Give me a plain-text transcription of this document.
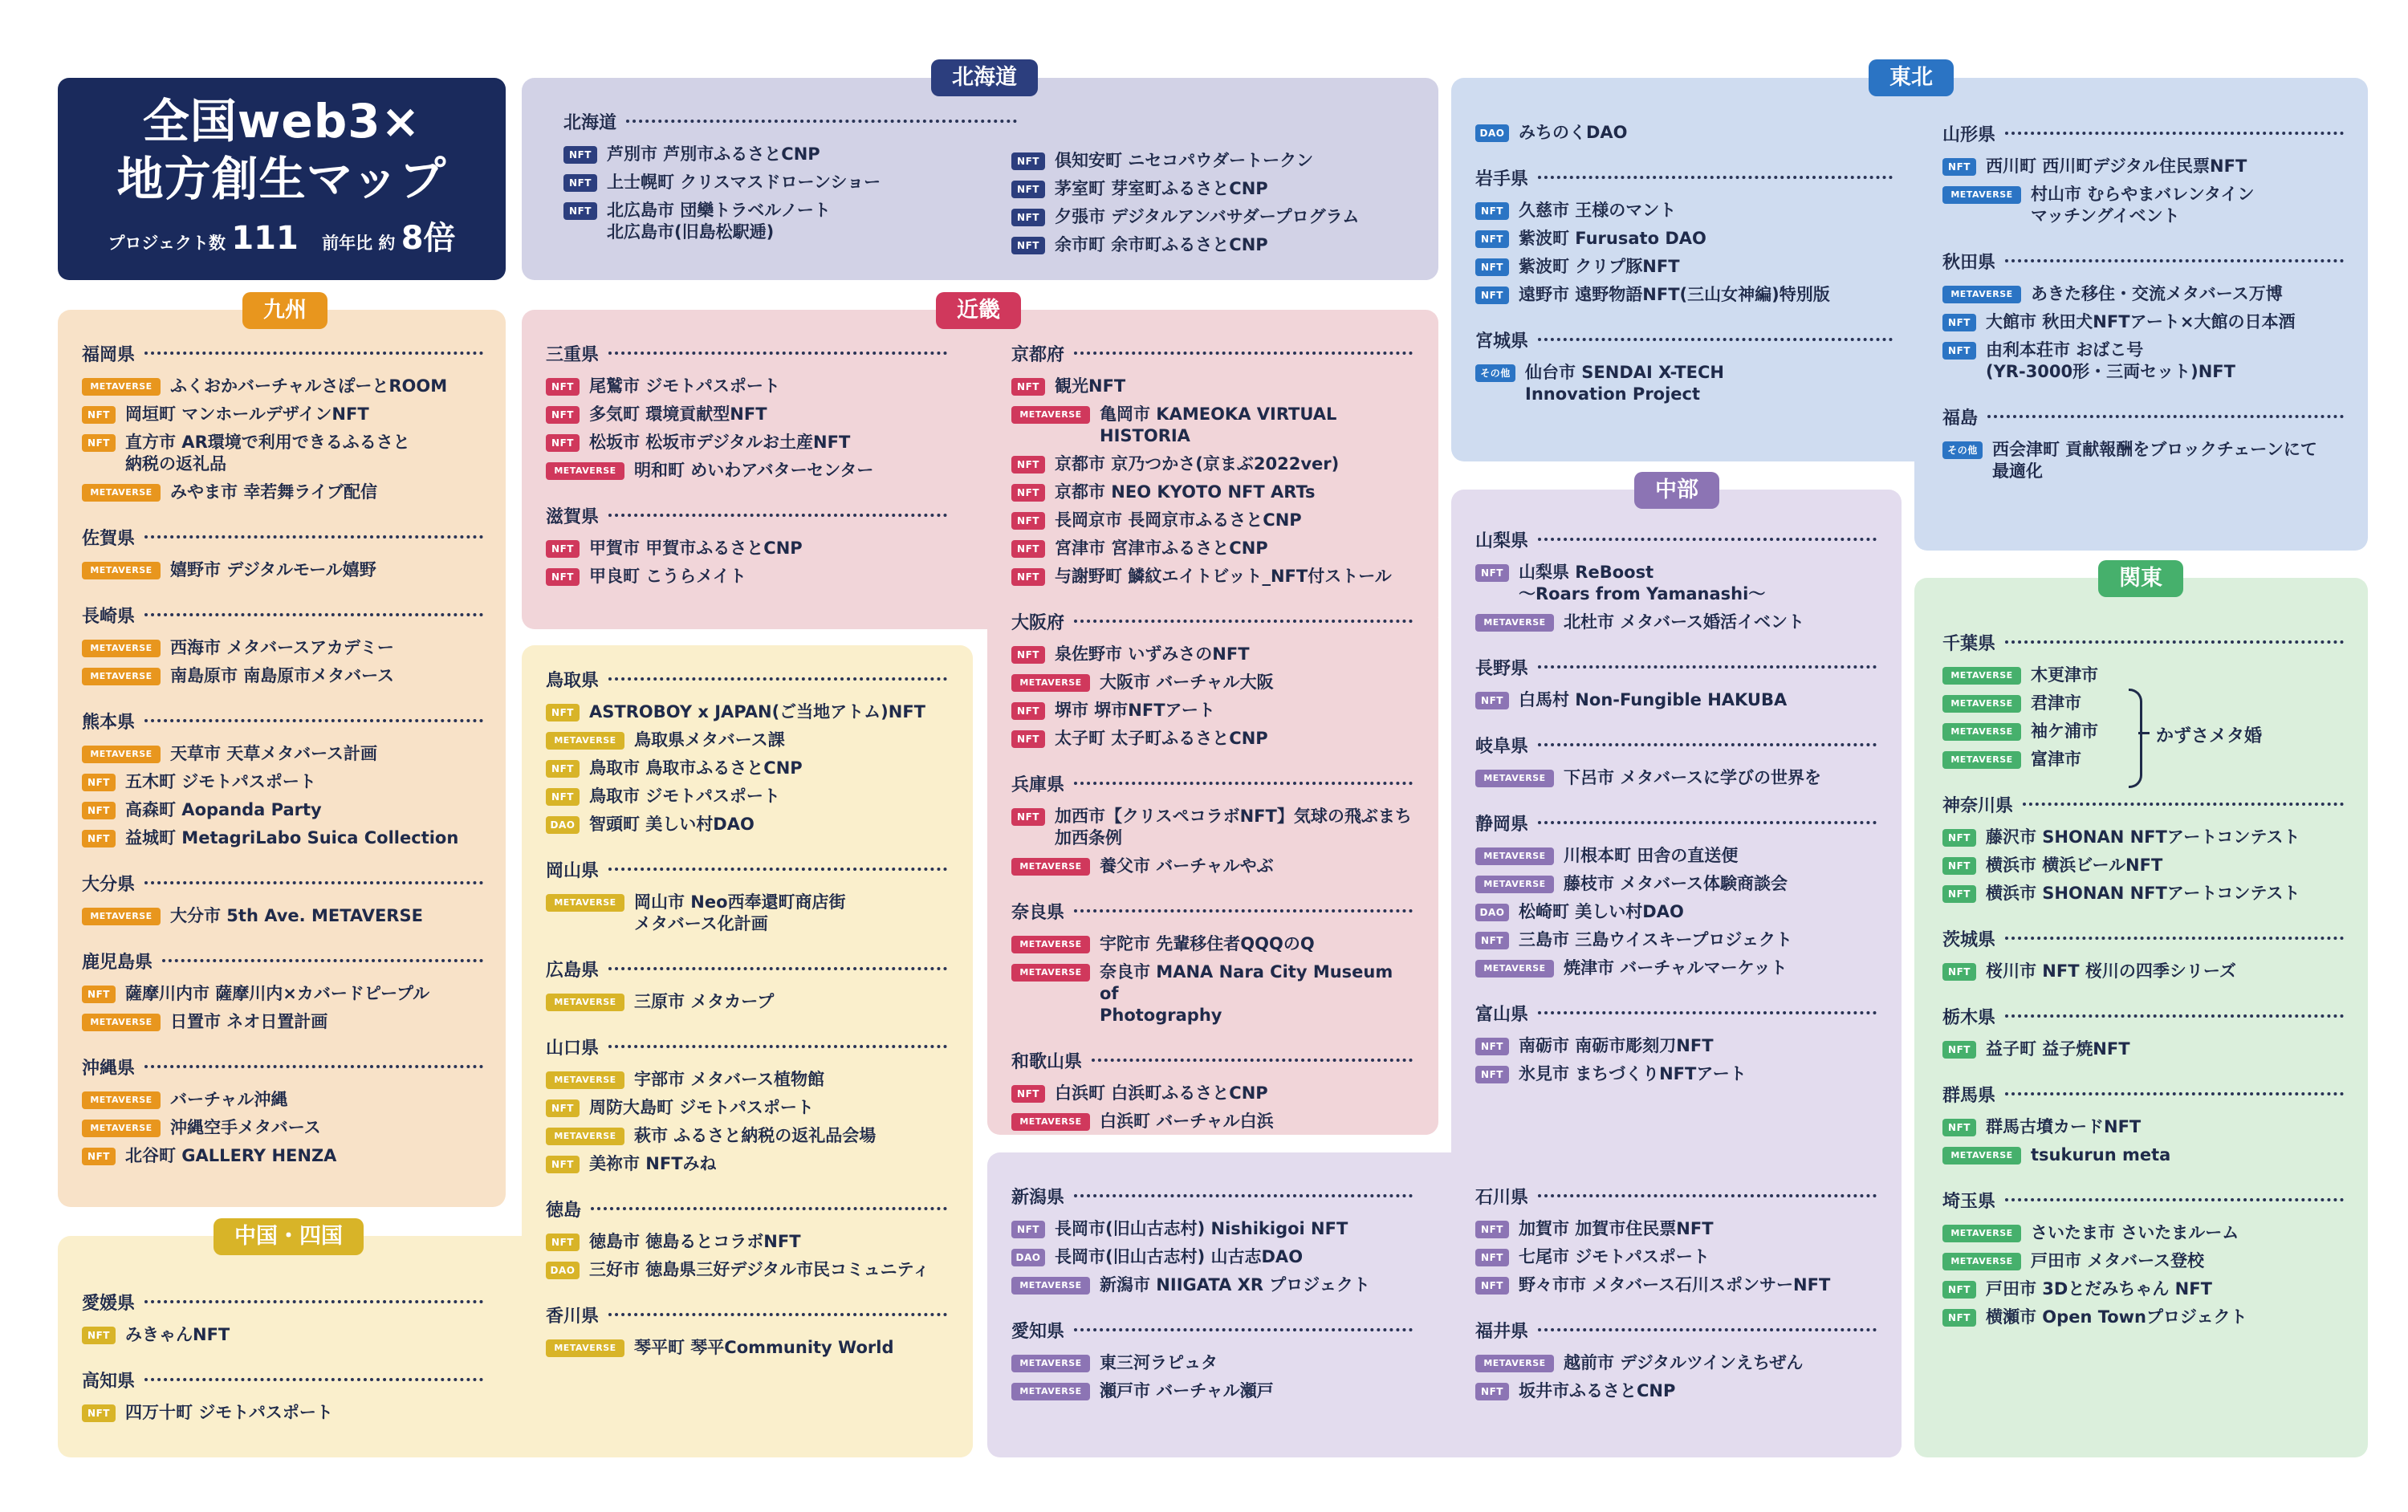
全国web3×
地方創生マップ
プロジェクト数 111 前年比 約 8倍
北海道	東北
九州	近畿
中国・四国
中部
関東
北海道
NFT 芦別市 芦別市ふるさとCNP
NFT 上士幌町 クリスマスドローンショー
NFT 北広島市 団欒トラベルノート
北広島市(旧島松駅逓)
NFT 倶知安町 ニセコパウダートークン
NFT 茅室町 芽室町ふるさとCNP
NFT 夕張市 デジタルアンバサダープログラム
NFT 余市町 余市町ふるさとCNP
DAO みちのくDAO
岩手県
NFT 久慈市 王様のマント
NFT 紫波町 Furusato DAO
NFT 紫波町 クリプ豚NFT
NFT 遠野市 遠野物語NFT(三山女神編)特別版
宮城県
その他 仙台市 SENDAI X-TECH
Innovation Project
山形県
NFT 西川町 西川町デジタル住民票NFT
METAVERSE	村山市 むらやまバレンタイン
マッチングイベント
秋田県
METAVERSE	あきた移住・交流メタバース万博
NFT 大館市 秋田犬NFTアート×大館の日本酒
NFT 由利本荘市 おばこ号
(YR-3000形・三両セット)NFT
福島
その他 西会津町 貢献報酬をブロックチェーンにて
最適化
福岡県
METAVERSE	ふくおかバーチャルさぽーとROOM
NFT 岡垣町 マンホールデザインNFT
NFT 直方市 AR環境で利用できるふるさと
納税の返礼品
METAVERSE	みやま市 幸若舞ライブ配信
佐賀県
METAVERSE	嬉野市 デジタルモール嬉野
長崎県
METAVERSE	西海市 メタバースアカデミー
METAVERSE	南島原市 南島原市メタバース
熊本県
METAVERSE	天草市 天草メタバース計画
NFT 五木町 ジモトパスポート
NFT 高森町 Aopanda Party
NFT 益城町 MetagriLabo Suica Collection
大分県
METAVERSE	大分市 5th Ave. METAVERSE
鹿児島県
NFT 薩摩川内市 薩摩川内×カバードピープル
METAVERSE	日置市 ネオ日置計画
沖縄県
METAVERSE	バーチャル沖縄
METAVERSE	沖縄空手メタバース
NFT 北谷町 GALLERY HENZA
三重県
NFT 尾鷲市 ジモトパスポート
NFT 多気町 環境貢献型NFT
NFT 松坂市 松坂市デジタルお土産NFT
METAVERSE	明和町 めいわアバターセンター
滋賀県
NFT 甲賀市 甲賀市ふるさとCNP
NFT 甲良町 こうらメイト
京都府
NFT 観光NFT
METAVERSE	亀岡市 KAMEOKA VIRTUAL HISTORIA
NFT 京都市 京乃つかさ(京まぶ2022ver)
NFT 京都市 NEO KYOTO NFT ARTs
NFT 長岡京市 長岡京市ふるさとCNP
NFT 宮津市 宮津市ふるさとCNP
NFT 与謝野町 鱗紋エイトビット_NFT付ストール
大阪府
NFT 泉佐野市 いずみさのNFT
METAVERSE	大阪市 バーチャル大阪
NFT 堺市 堺市NFTアート
NFT 太子町 太子町ふるさとCNP
兵庫県
NFT 加西市【クリスペコラボNFT】気球の飛ぶまち
加西条例
METAVERSE	養父市 バーチャルやぶ
奈良県
METAVERSE	宇陀市 先輩移住者QQQのQ
METAVERSE	奈良市 MANA Nara City Museum of
Photography
和歌山県
NFT 白浜町 白浜町ふるさとCNP
METAVERSE	白浜町 バーチャル白浜
鳥取県
NFT ASTROBOY x JAPAN(ご当地アトム)NFT
METAVERSE	鳥取県メタバース課
NFT 鳥取市 鳥取市ふるさとCNP
NFT 鳥取市 ジモトパスポート
DAO 智頭町 美しい村DAO
岡山県
METAVERSE	岡山市 Neo西奉還町商店街
メタバース化計画
広島県
METAVERSE	三原市 メタカープ
山口県
METAVERSE	宇部市 メタバース植物館
NFT 周防大島町 ジモトパスポート
METAVERSE	萩市 ふるさと納税の返礼品会場
NFT 美祢市 NFTみね
徳島
NFT 徳島市 徳島るとコラボNFT
DAO 三好市 徳島県三好デジタル市民コミュニティ
香川県
METAVERSE	琴平町 琴平Community World
愛媛県
NFT みきゃんNFT
高知県
NFT 四万十町 ジモトパスポート
山梨県
NFT 山梨県 ReBoost
～Roars from Yamanashi～
METAVERSE	北杜市 メタバース婚活イベント
長野県
NFT 白馬村 Non-Fungible HAKUBA
岐阜県
METAVERSE	下呂市 メタバースに学びの世界を
静岡県
METAVERSE	川根本町 田舎の直送便
METAVERSE	藤枝市 メタバース体験商談会
DAO 松崎町 美しい村DAO
NFT 三島市 三島ウイスキープロジェクト
METAVERSE	焼津市 バーチャルマーケット
富山県
NFT 南砺市 南砺市彫刻刀NFT
NFT 氷見市 まちづくりNFTアート
新潟県
NFT 長岡市(旧山古志村) Nishikigoi NFT
DAO 長岡市(旧山古志村) 山古志DAO
METAVERSE	新潟市 NIIGATA XR プロジェクト
愛知県
METAVERSE	東三河ラピュタ
METAVERSE	瀬戸市 バーチャル瀬戸
石川県
NFT 加賀市 加賀市住民票NFT
NFT 七尾市 ジモトパスポート
NFT 野々市市 メタバース石川スポンサーNFT
福井県
METAVERSE	越前市 デジタルツインえちぜん
NFT 坂井市ふるさとCNP
千葉県
METAVERSE	木更津市
METAVERSE	君津市
METAVERSE	袖ケ浦市
METAVERSE	富津市
神奈川県
NFT 藤沢市 SHONAN NFTアートコンテスト
NFT 横浜市 横浜ビールNFT
NFT 横浜市 SHONAN NFTアートコンテスト
茨城県
NFT 桜川市 NFT 桜川の四季シリーズ
栃木県
NFT 益子町 益子焼NFT
群馬県
NFT 群馬古墳カードNFT
METAVERSE	tsukurun meta
埼玉県
METAVERSE	さいたま市 さいたまルーム
METAVERSE	戸田市 メタバース登校
NFT 戸田市 3Dとだみちゃん NFT
NFT 横瀬市 Open Townプロジェクト
かずさメタ婚
